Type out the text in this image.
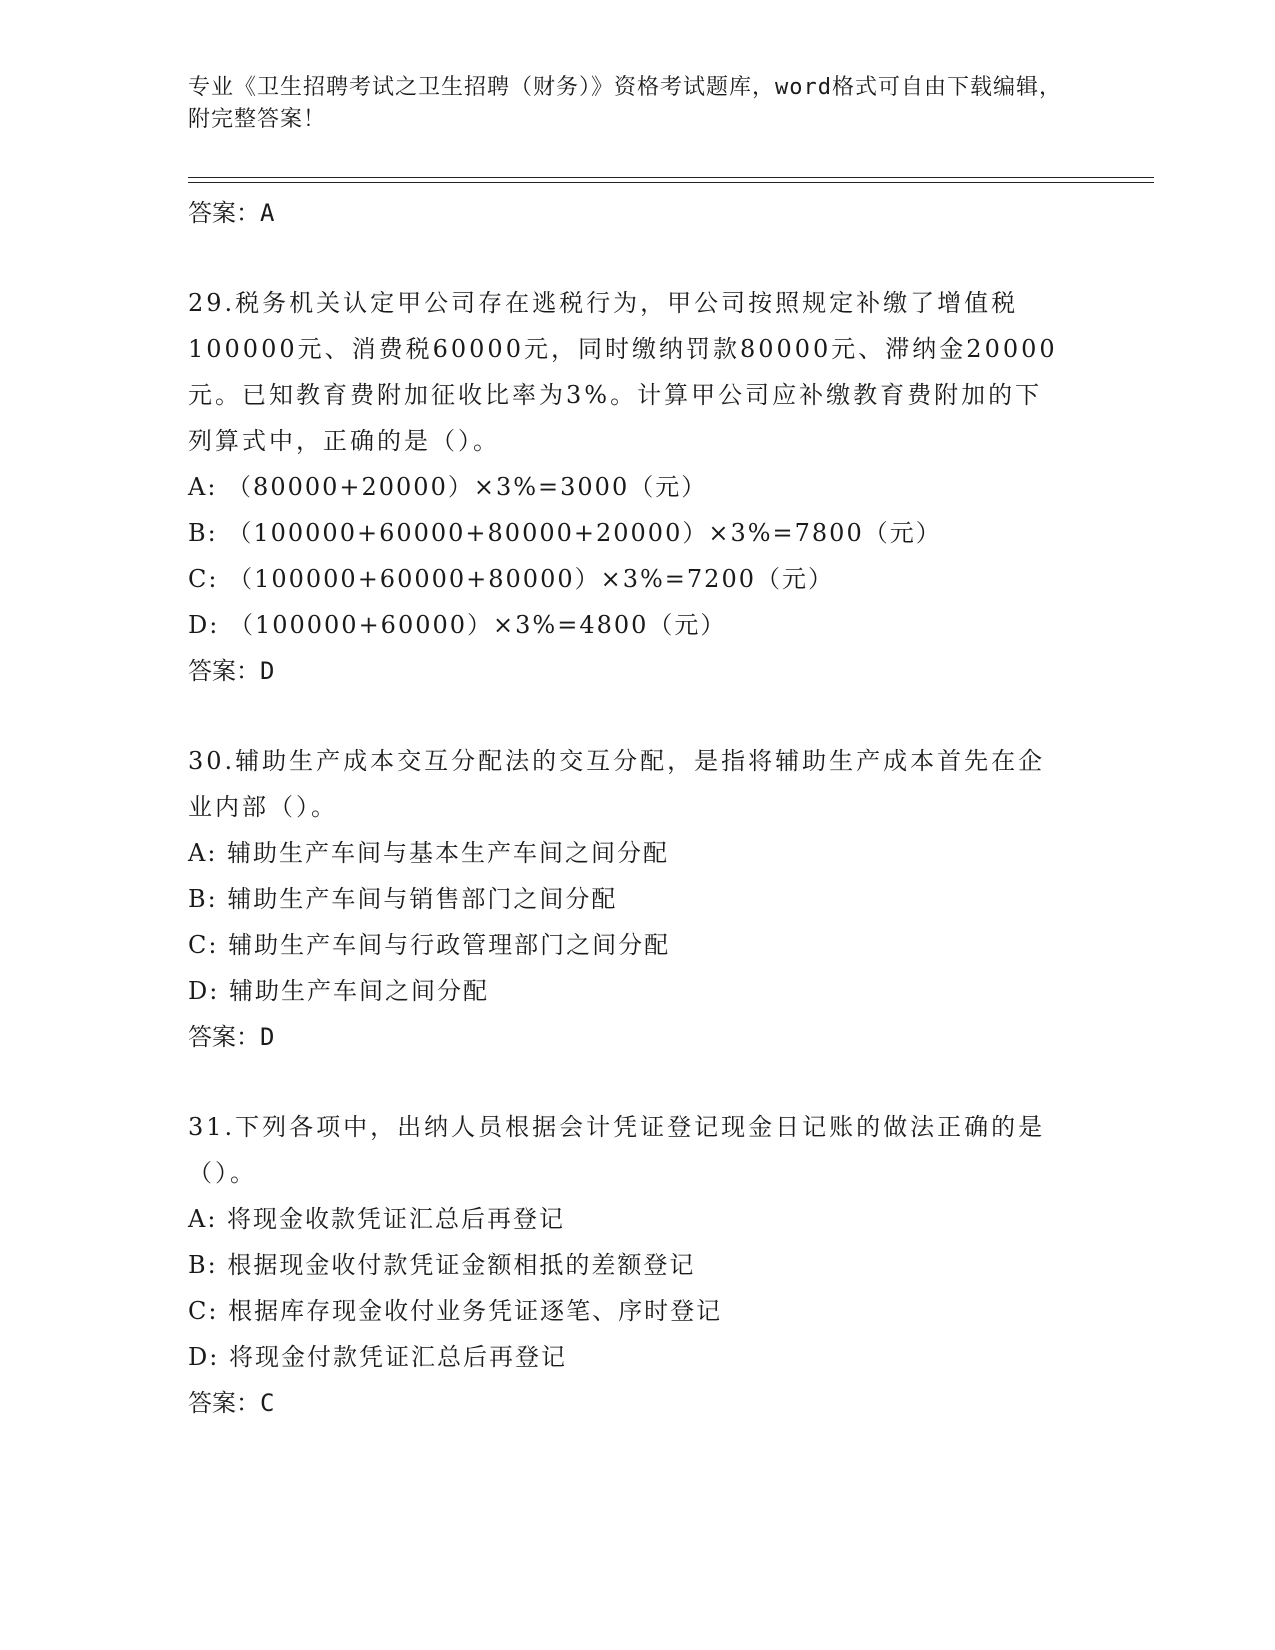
专业《卫生招聘考试之卫生招聘（财务）》资格考试题库，word格式可自由下载编辑，附完整答案！
答案：A
29.税务机关认定甲公司存在逃税行为，甲公司按照规定补缴了增值税100000元、消费税60000元，同时缴纳罚款80000元、滞纳金20000元。已知教育费附加征收比率为3%。计算甲公司应补缴教育费附加的下列算式中，正确的是（）。
A: （80000+20000）×3%=3000（元）
B: （100000+60000+80000+20000）×3%=7800（元）
C: （100000+60000+80000）×3%=7200（元）
D: （100000+60000）×3%=4800（元）
答案：D
30.辅助生产成本交互分配法的交互分配，是指将辅助生产成本首先在企业内部（）。
A: 辅助生产车间与基本生产车间之间分配
B: 辅助生产车间与销售部门之间分配
C: 辅助生产车间与行政管理部门之间分配
D: 辅助生产车间之间分配
答案：D
31.下列各项中，出纳人员根据会计凭证登记现金日记账的做法正确的是（）。
A: 将现金收款凭证汇总后再登记
B: 根据现金收付款凭证金额相抵的差额登记
C: 根据库存现金收付业务凭证逐笔、序时登记
D: 将现金付款凭证汇总后再登记
答案：C
